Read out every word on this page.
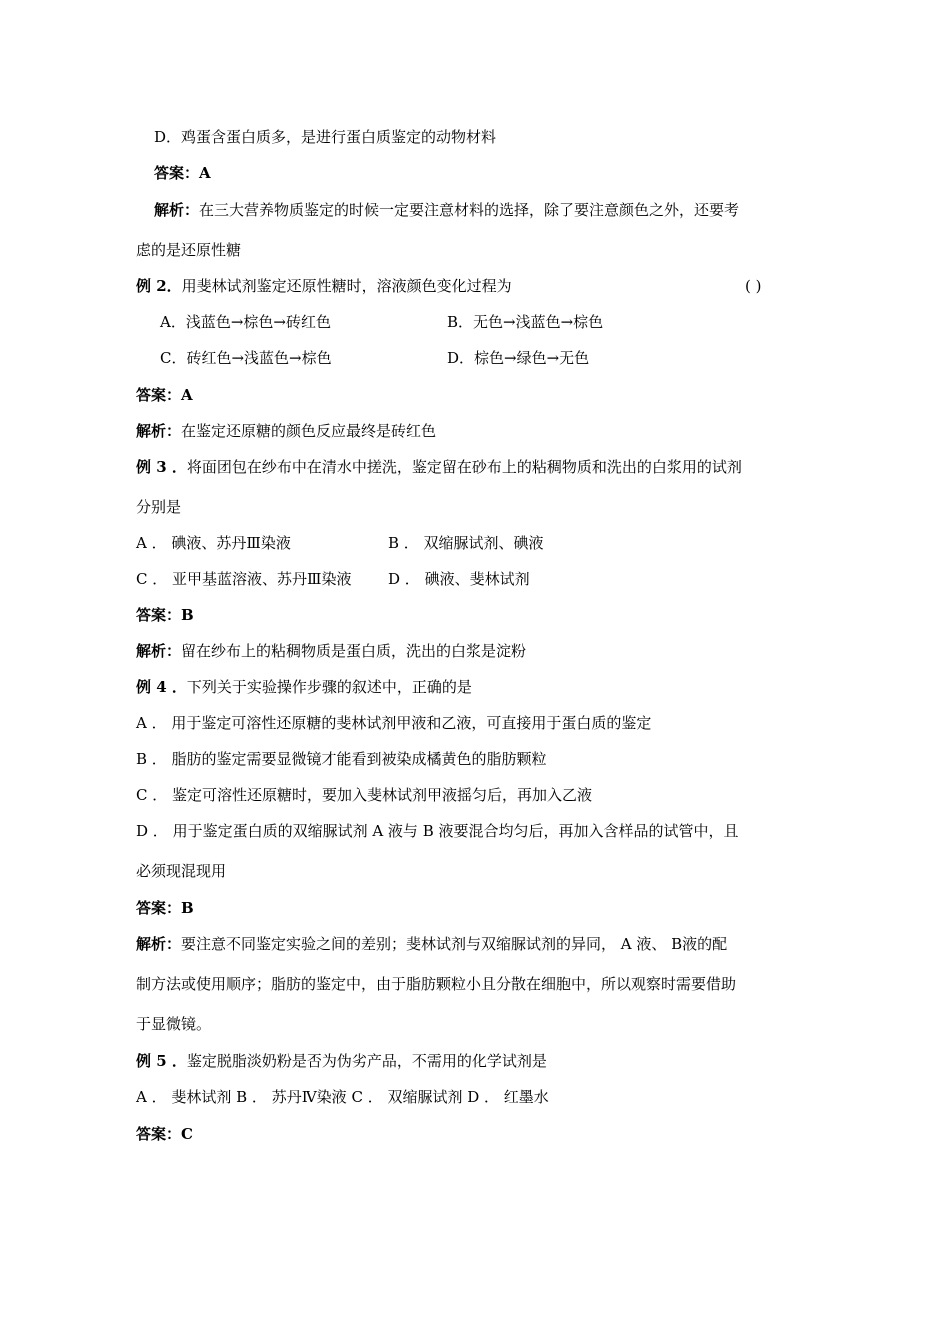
D．鸡蛋含蛋白质多，是进行蛋白质鉴定的动物材料
答案：A
解析：在三大营养物质鉴定的时候一定要注意材料的选择，除了要注意颜色之外，还要考
虑的是还原性糖
例 2．用斐林试剂鉴定还原性糖时，溶液颜色变化过程为	( )
A．浅蓝色→棕色→砖红色	B．无色→浅蓝色→棕色
C．砖红色→浅蓝色→棕色	D．棕色→绿色→无色
答案：A
解析：在鉴定还原糖的颜色反应最终是砖红色
例 3 ．将面团包在纱布中在清水中搓洗，鉴定留在砂布上的粘稠物质和洗出的白浆用的试剂
分别是
A ． 碘液、苏丹Ⅲ染液	B ． 双缩脲试剂、碘液
C ． 亚甲基蓝溶液、苏丹Ⅲ染液 D ． 碘液、斐林试剂
答案：B
解析：留在纱布上的粘稠物质是蛋白质，洗出的白浆是淀粉
例 4 ．下列关于实验操作步骤的叙述中，正确的是
A ． 用于鉴定可溶性还原糖的斐林试剂甲液和乙液，可直接用于蛋白质的鉴定
B ． 脂肪的鉴定需要显微镜才能看到被染成橘黄色的脂肪颗粒
C ． 鉴定可溶性还原糖时，要加入斐林试剂甲液摇匀后，再加入乙液
D ． 用于鉴定蛋白质的双缩脲试剂 A 液与 B 液要混合均匀后，再加入含样品的试管中，且
必须现混现用
答案：B
解析：要注意不同鉴定实验之间的差别；斐林试剂与双缩脲试剂的异同， A 液、 B液的配
制方法或使用顺序；脂肪的鉴定中，由于脂肪颗粒小且分散在细胞中，所以观察时需要借助
于显微镜。
例 5 ．鉴定脱脂淡奶粉是否为伪劣产品，不需用的化学试剂是
A ． 斐林试剂 B ． 苏丹Ⅳ染液 C ． 双缩脲试剂 D ． 红墨水
答案：C
